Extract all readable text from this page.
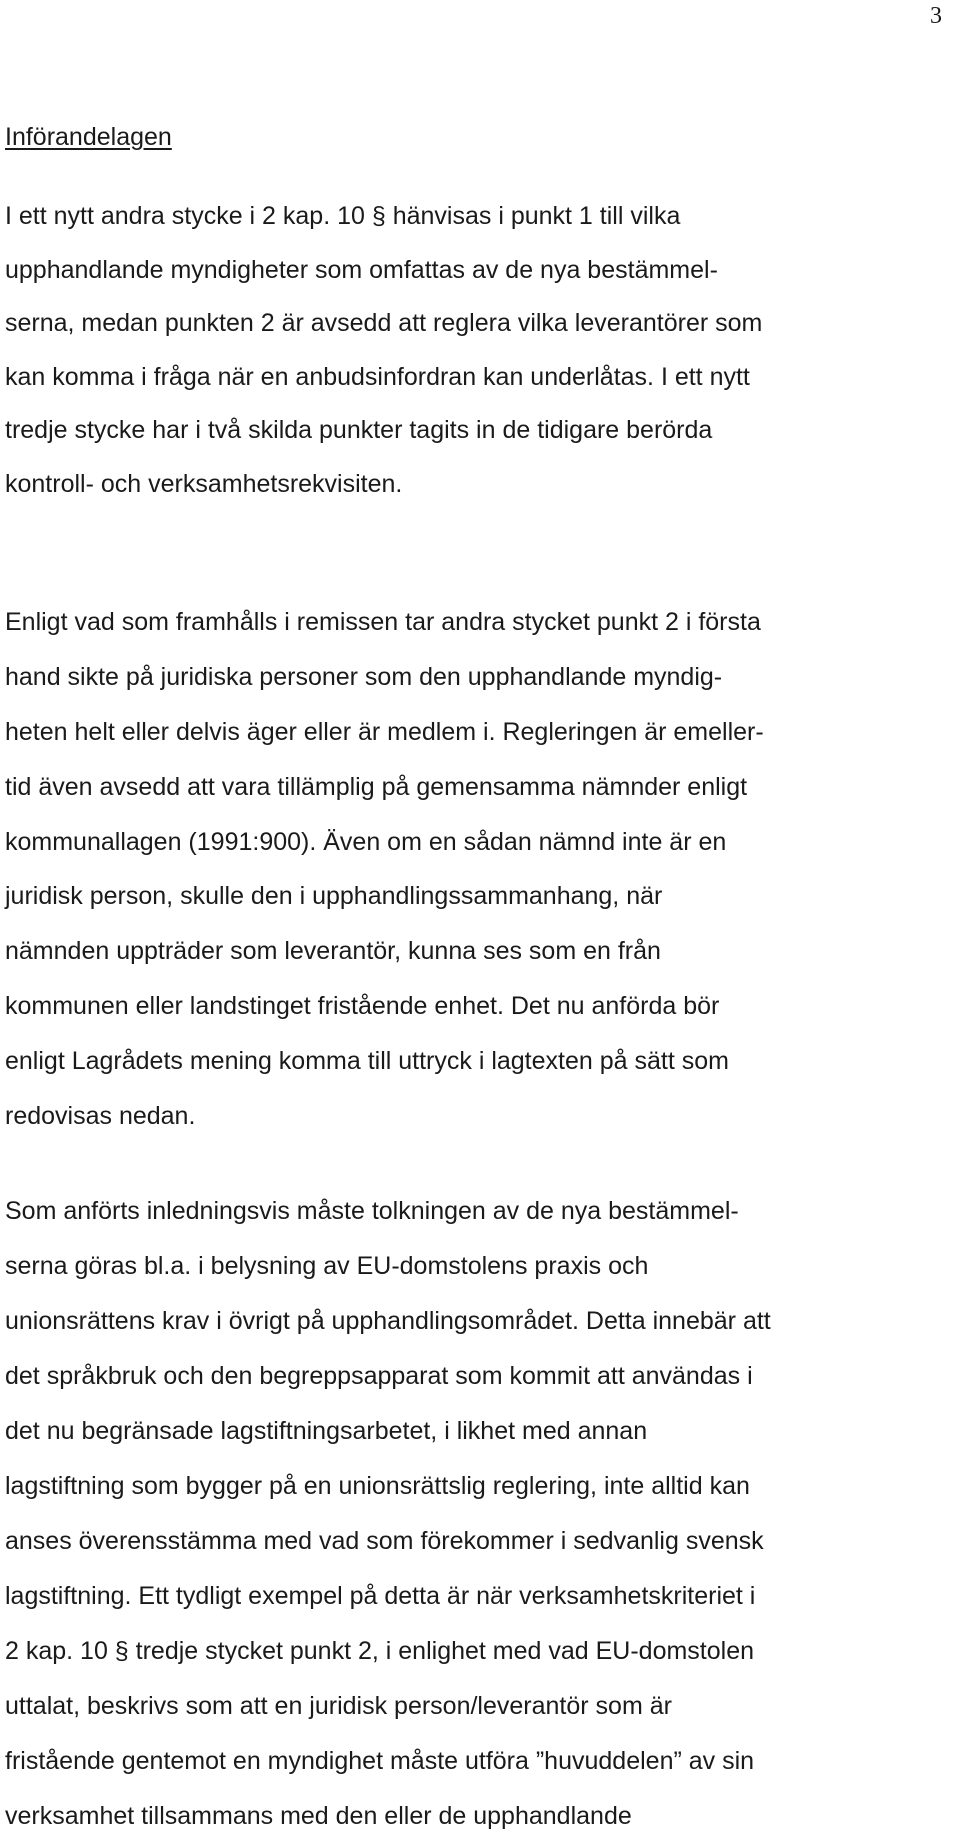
3
Införandelagen
I ett nytt andra stycke i 2 kap. 10 § hänvisas i punkt 1 till vilka
upphandlande myndigheter som omfattas av de nya bestämmel-
serna, medan punkten 2 är avsedd att reglera vilka leverantörer som
kan komma i fråga när en anbudsinfordran kan underlåtas. I ett nytt
tredje stycke har i två skilda punkter tagits in de tidigare berörda
kontroll- och verksamhetsrekvisiten.
Enligt vad som framhålls i remissen tar andra stycket punkt 2 i första
hand sikte på juridiska personer som den upphandlande myndig-
heten helt eller delvis äger eller är medlem i. Regleringen är emeller-
tid även avsedd att vara tillämplig på gemensamma nämnder enligt
kommunallagen (1991:900). Även om en sådan nämnd inte är en
juridisk person, skulle den i upphandlingssammanhang, när
nämnden uppträder som leverantör, kunna ses som en från
kommunen eller landstinget fristående enhet. Det nu anförda bör
enligt Lagrådets mening komma till uttryck i lagtexten på sätt som
redovisas nedan.
Som anförts inledningsvis måste tolkningen av de nya bestämmel-
serna göras bl.a. i belysning av EU-domstolens praxis och
unionsrättens krav i övrigt på upphandlingsområdet. Detta innebär att
det språkbruk och den begreppsapparat som kommit att användas i
det nu begränsade lagstiftningsarbetet, i likhet med annan
lagstiftning som bygger på en unionsrättslig reglering, inte alltid kan
anses överensstämma med vad som förekommer i sedvanlig svensk
lagstiftning. Ett tydligt exempel på detta är när verksamhetskriteriet i
2 kap. 10 § tredje stycket punkt 2, i enlighet med vad EU-domstolen
uttalat, beskrivs som att en juridisk person/leverantör som är
fristående gentemot en myndighet måste utföra ”huvuddelen” av sin
verksamhet tillsammans med den eller de upphandlande
